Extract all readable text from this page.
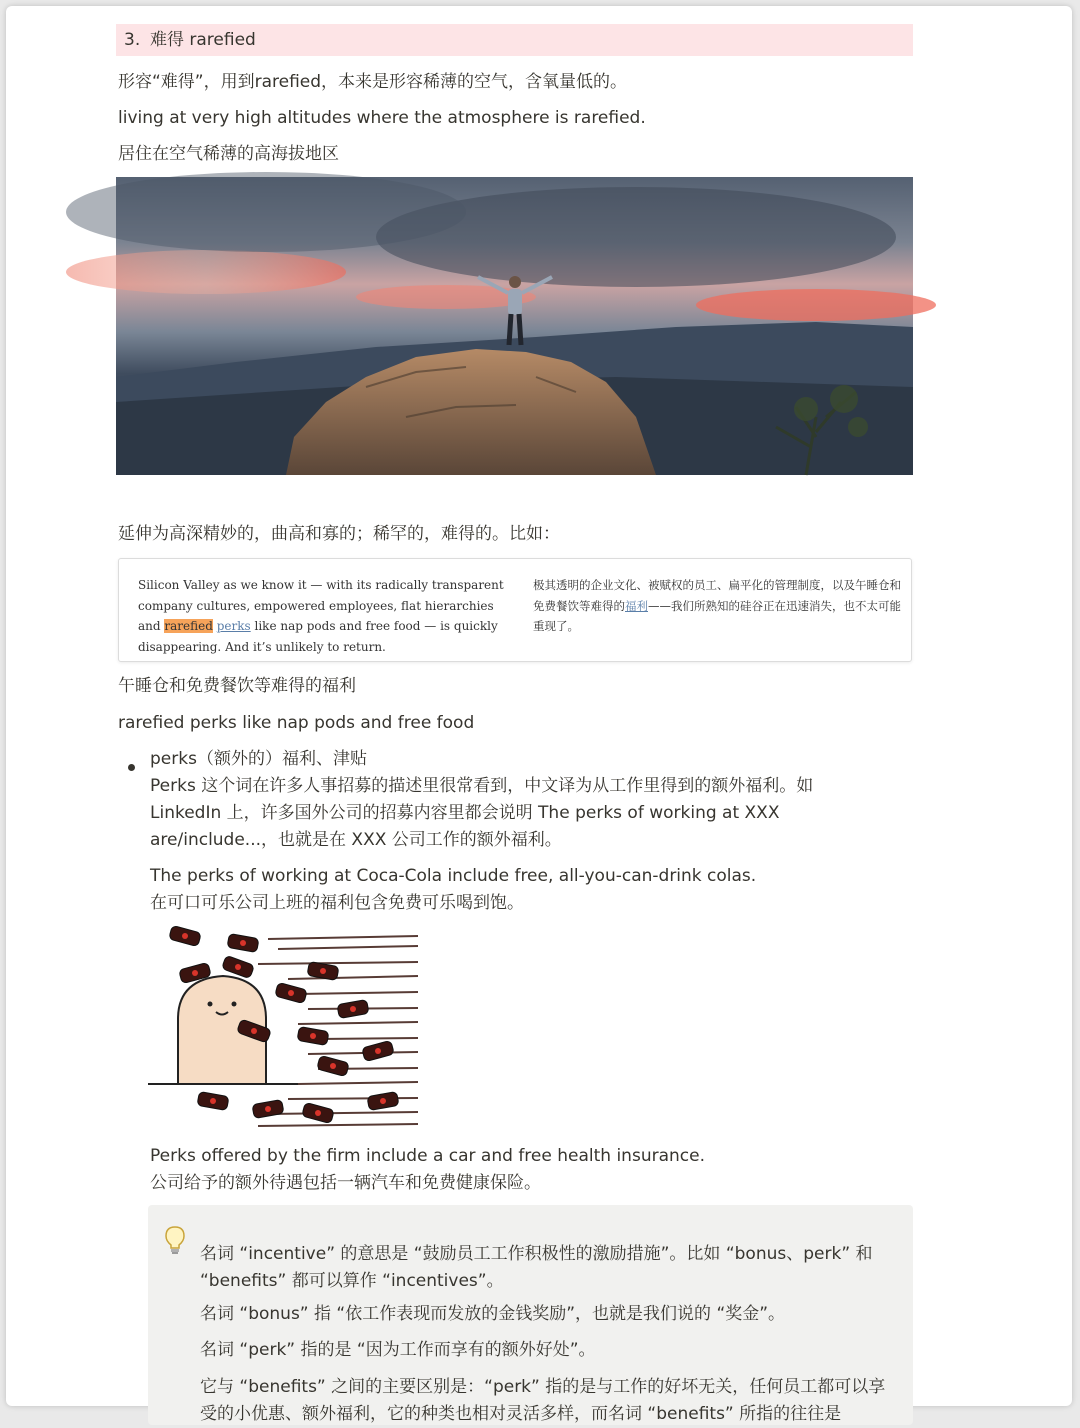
3. 难得 rarefied
形容“难得”，用到rarefied，本来是形容稀薄的空气，含氧量低的。
living at very high altitudes where the atmosphere is rarefied.
居住在空气稀薄的高海拔地区
延伸为高深精妙的，曲高和寡的；稀罕的，难得的。比如：
Silicon Valley as we know it — with its radically transparent company cultures, empowered employees, flat hierarchies and rarefied perks like nap pods and free food — is quickly disappearing. And it’s unlikely to return.
极其透明的企业文化、被赋权的员工、扁平化的管理制度，以及午睡仓和免费餐饮等难得的福利——我们所熟知的硅谷正在迅速消失，也不太可能重现了。
午睡仓和免费餐饮等难得的福利
rarefied perks like nap pods and free food
perks（额外的）福利、津贴
Perks 这个词在许多人事招募的描述里很常看到，中文译为从工作里得到的额外福利。如 LinkedIn 上，许多国外公司的招募内容里都会说明 The perks of working at XXX are/include...，也就是在 XXX 公司工作的额外福利。
The perks of working at Coca-Cola include free, all-you-can-drink colas.
在可口可乐公司上班的福利包含免费可乐喝到饱。
Perks offered by the firm include a car and free health insurance.
公司给予的额外待遇包括一辆汽车和免费健康保险。
名词 “incentive” 的意思是 “鼓励员工工作积极性的激励措施”。比如 “bonus、perk” 和 “benefits” 都可以算作 “incentives”。
名词 “bonus” 指 “依工作表现而发放的金钱奖励”，也就是我们说的 “奖金”。
名词 “perk” 指的是 “因为工作而享有的额外好处”。
它与 “benefits” 之间的主要区别是：“perk” 指的是与工作的好坏无关，任何员工都可以享受的小优惠、额外福利，它的种类也相对灵活多样，而名词 “benefits” 所指的往往是
